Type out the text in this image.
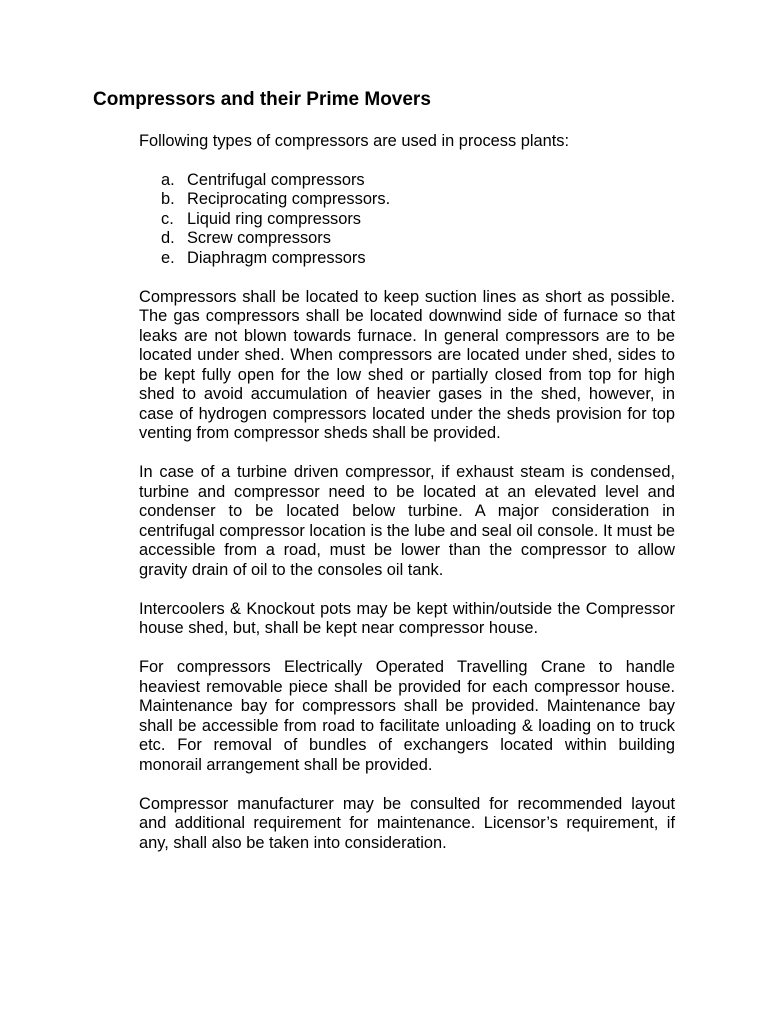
Compressors and their Prime Movers

Following types of compressors are used in process plants:

a. Centrifugal compressors
b. Reciprocating compressors.
c. Liquid ring compressors
d. Screw compressors
e. Diaphragm compressors

Compressors shall be located to keep suction lines as short as possible. The gas compressors shall be located downwind side of furnace so that leaks are not blown towards furnace. In general compressors are to be located under shed. When compressors are located under shed, sides to be kept fully open for the low shed or partially closed from top for high shed to avoid accumulation of heavier gases in the shed, however, in case of hydrogen compressors located under the sheds provision for top venting from compressor sheds shall be provided.

In case of a turbine driven compressor, if exhaust steam is condensed, turbine and compressor need to be located at an elevated level and condenser to be located below turbine. A major consideration in centrifugal compressor location is the lube and seal oil console. It must be accessible from a road, must be lower than the compressor to allow gravity drain of oil to the consoles oil tank.

Intercoolers & Knockout pots may be kept within/outside the Compressor house shed, but, shall be kept near compressor house.

For compressors Electrically Operated Travelling Crane to handle heaviest removable piece shall be provided for each compressor house. Maintenance bay for compressors shall be provided. Maintenance bay shall be accessible from road to facilitate unloading & loading on to truck etc. For removal of bundles of exchangers located within building monorail arrangement shall be provided.

Compressor manufacturer may be consulted for recommended layout and additional requirement for maintenance. Licensor’s requirement, if any, shall also be taken into consideration.
